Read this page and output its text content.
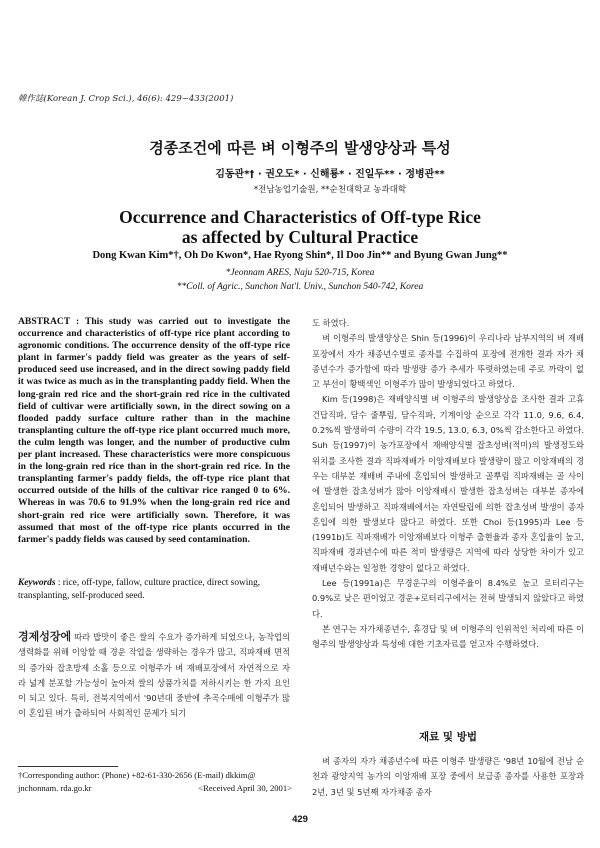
韓作誌(Korean J. Crop Sci.), 46(6): 429~433(2001)
경종조건에 따른 벼 이형주의 발생양상과 특성
김동관*† · 권오도* · 신해룡* · 진일두** · 정병관**
*전남농업기술원, **순천대학교 농과대학
Occurrence and Characteristics of Off-type Rice
as affected by Cultural Practice
Dong Kwan Kim*†, Oh Do Kwon*, Hae Ryong Shin*, Il Doo Jin** and Byung Gwan Jung**
*Jeonnam ARES, Naju 520-715, Korea
**Coll. of Agric., Sunchon Nat'l. Univ., Sunchon 540-742, Korea
ABSTRACT : This study was carried out to investigate the occurrence and characteristics of off-type rice plant according to agronomic conditions. The occurrence density of the off-type rice plant in farmer's paddy field was greater as the years of self-produced seed use increased, and in the direct sowing paddy field it was twice as much as in the transplanting paddy field. When the long-grain red rice and the short-grain red rice in the cultivated field of cultivar were artificially sown, in the direct sowing on a flooded paddy surface culture rather than in the machine transplanting culture the off-type rice plant occurred much more, the culm length was longer, and the number of productive culm per plant increased. These characteristics were more conspicuous in the long-grain red rice than in the short-grain red rice. In the transplanting farmer's paddy fields, the off-type rice plant that occurred outside of the hills of the cultivar rice ranged 0 to 6%. Whereas in was 70.6 to 91.9% when the long-grain red rice and short-grain red rice were artificially sown. Therefore, it was assumed that most of the off-type rice plants occurred in the farmer's paddy fields was caused by seed contamination.
Keywords : rice, off-type, fallow, culture practice, direct sowing, transplanting, self-produced seed.
경제성장에 따라 밥맛이 좋은 쌀의 수요가 증가하게 되었으나, 농작업의 생력화를 위해 이앙할 때 경운 작업을 생략하는 경우가 많고, 직파재배 면적의 증가와 잡초방제 소홀 등으로 이형주가 벼 재배포장에서 자연적으로 자라 넓게 분포할 가능성이 높아져 쌀의 상품가치를 저하시키는 한 가지 요인이 되고 있다. 특히, 전북지역에서 '90년대 중반에 추곡수매에 이형주가 많이 혼입된 벼가 출하되어 사회적인 문제가 되기
†Corresponding author: (Phone) +82-61-330-2656 (E-mail) dkkim@
jnchonnam. rda.go.kr	<Received April 30, 2001>

도 하였다.

벼 이형주의 발생양상은 Shin 등(1996)이 우리나라 남부지역의 벼 재배포장에서 자가 채종년수별로 종자를 수집하여 포장에 전개한 결과 자가 채종년수가 증가함에 따라 발생량 증가 추세가 뚜렷하였는데 주로 까락이 없고 부선이 황백색인 이형주가 많이 발생되었다고 하였다.

Kim 등(1998)은 재배양식별 벼 이형주의 발생양상을 조사한 결과 고휴건답직파, 담수 줄뿌림, 담수직파, 기계이앙 순으로 각각 11.0, 9.6, 6.4, 0.2%씩 발생하여 수량이 각각 19.5, 13.0, 6.3, 0%씩 감소한다고 하였다. Suh 등(1997)이 농가포장에서 재배양식별 잡초성벼(적미)의 발생정도와 위치를 조사한 결과 직파재배가 이앙재배보다 발생량이 많고 이앙재배의 경우는 대부분 재배벼 주내에 혼입되어 발생하고 골뿌림 직파재배는 골 사이에 발생한 잡초성벼가 많아 이앙재배시 발생한 잡초성벼는 대부분 종자에 혼입되어 발생하고 직파재배에서는 자연탈립에 의한 잡초성벼 발생이 종자혼입에 의한 발생보다 많다고 하였다. 또한 Choi 등(1995)과 Lee 등(1991b)도 직파재배가 이앙재배보다 이형주 출현율과 종자 혼입율이 높고, 직파재배 경과년수에 따른 적미 발생량은 지역에 따라 상당한 차이가 있고 재배년수와는 일정한 경향이 없다고 하였다.

Lee 등(1991a)은 무경운구의 이형주율이 8.4%로 높고 로터리구는 0.9%로 낮은 편이었고 경운+로터리구에서는 전혀 발생되지 않았다고 하였다.

본 연구는 자가채종년수, 휴경답 및 벼 이형주의 인위적인 처리에 따른 이형주의 발생양상과 특성에 대한 기초자료를 얻고자 수행하였다.

재료 및 방법

벼 종자의 자가 채종년수에 따른 이형주 발생량은 '98년 10월에 전남 순천과 광양지역 농가의 이앙재배 포장 중에서 보급종 종자를 사용한 포장과 2년, 3년 및 5년째 자가채종 종자

429
